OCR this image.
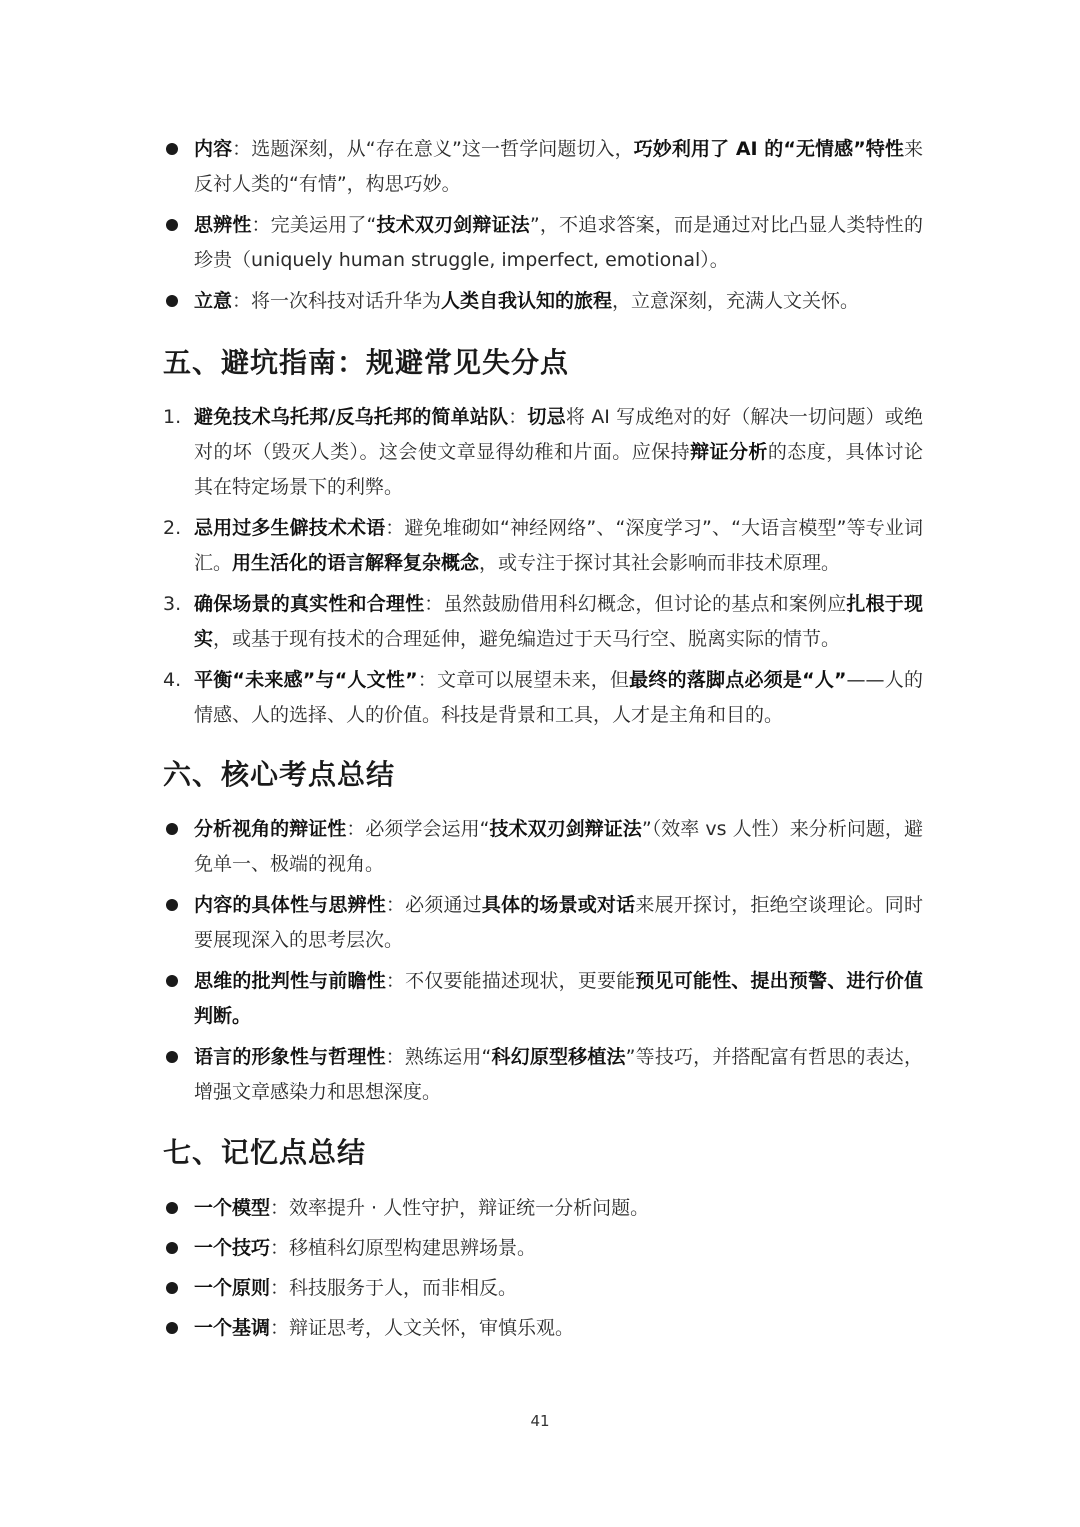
内容：选题深刻，从“存在意义”这一哲学问题切入，巧妙利用了 AI 的“无情感”特性来反衬人类的“有情”，构思巧妙。
思辨性：完美运用了“技术双刃剑辩证法”，不追求答案，而是通过对比凸显人类特性的珍贵（uniquely human struggle, imperfect, emotional）。
立意：将一次科技对话升华为人类自我认知的旅程，立意深刻，充满人文关怀。
五、避坑指南：规避常见失分点
1. 避免技术乌托邦/反乌托邦的简单站队：切忌将 AI 写成绝对的好（解决一切问题）或绝对的坏（毁灭人类）。这会使文章显得幼稚和片面。应保持辩证分析的态度，具体讨论其在特定场景下的利弊。
2. 忌用过多生僻技术术语：避免堆砌如“神经网络”、“深度学习”、“大语言模型”等专业词汇。用生活化的语言解释复杂概念，或专注于探讨其社会影响而非技术原理。
3. 确保场景的真实性和合理性：虽然鼓励借用科幻概念，但讨论的基点和案例应扎根于现实，或基于现有技术的合理延伸，避免编造过于天马行空、脱离实际的情节。
4. 平衡“未来感”与“人文性”：文章可以展望未来，但最终的落脚点必须是“人”——人的情感、人的选择、人的价值。科技是背景和工具，人才是主角和目的。
六、核心考点总结
分析视角的辩证性：必须学会运用“技术双刃剑辩证法”（效率 vs 人性）来分析问题，避免单一、极端的视角。
内容的具体性与思辨性：必须通过具体的场景或对话来展开探讨，拒绝空谈理论。同时要展现深入的思考层次。
思维的批判性与前瞻性：不仅要能描述现状，更要能预见可能性、提出预警、进行价值判断。
语言的形象性与哲理性：熟练运用“科幻原型移植法”等技巧，并搭配富有哲思的表达，增强文章感染力和思想深度。
七、记忆点总结
一个模型：效率提升 · 人性守护，辩证统一分析问题。
一个技巧：移植科幻原型构建思辨场景。
一个原则：科技服务于人，而非相反。
一个基调：辩证思考，人文关怀，审慎乐观。
41
